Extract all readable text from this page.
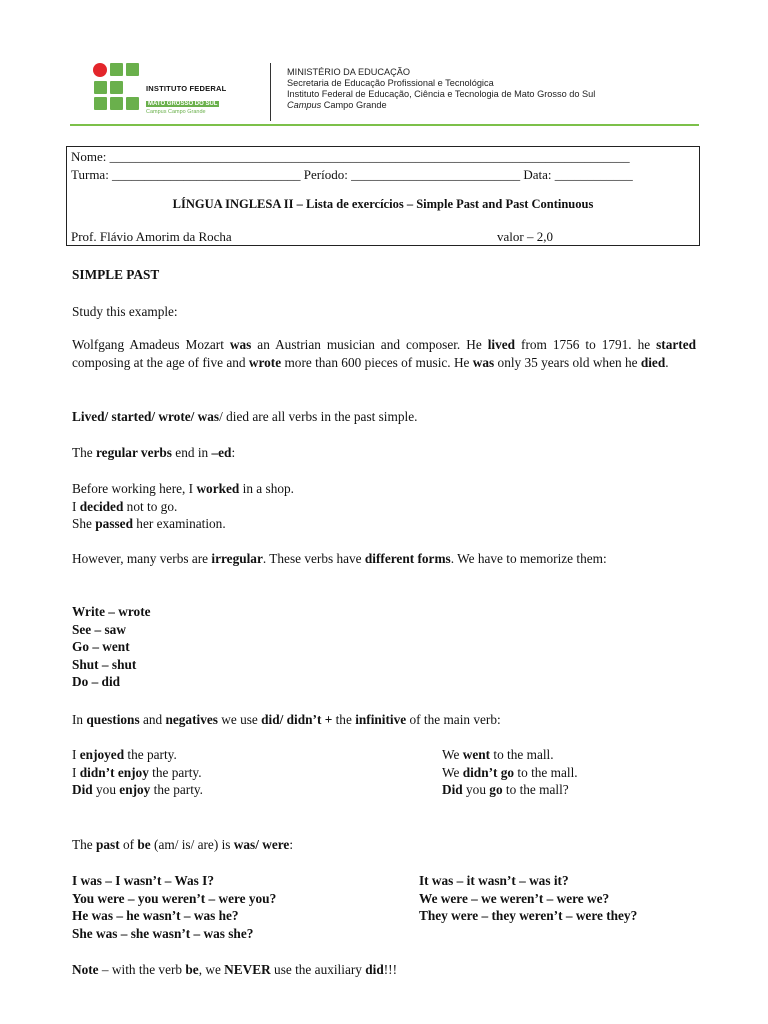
INSTITUTO FEDERAL
MATO GROSSO DO SUL
Campus Campo Grande
MINISTÉRIO DA EDUCAÇÃO
Secretaria de Educação Profissional e Tecnológica
Instituto Federal de Educação, Ciência e Tecnologia de Mato Grosso do Sul
Campus Campo Grande
Nome: ________________________________________________________________________________
Turma: _____________________________ Período: __________________________ Data: ____________
LÍNGUA INGLESA II – Lista de exercícios – Simple Past and Past Continuous
Prof. Flávio Amorim da Rocha	valor – 2,0
SIMPLE PAST
Study this example:
Wolfgang Amadeus Mozart was an Austrian musician and composer. He lived from 1756 to 1791. he started composing at the age of five and wrote more than 600 pieces of music. He was only 35 years old when he died.
Lived/ started/ wrote/ was/ died are all verbs in the past simple.
The regular verbs end in –ed:
Before working here, I worked in a shop.
I decided not to go.
She passed her examination.
However, many verbs are irregular. These verbs have different forms. We have to memorize them:
Write – wrote
See – saw
Go – went
Shut – shut
Do – did
In questions and negatives we use did/ didn’t + the infinitive of the main verb:
I enjoyed the party.
I didn’t enjoy the party.
Did you enjoy the party.
We went to the mall.
We didn’t go to the mall.
Did you go to the mall?
The past of be (am/ is/ are) is was/ were:
I was – I wasn’t – Was I?
You were – you weren’t – were you?
He was – he wasn’t – was he?
She was – she wasn’t – was she?
It was – it wasn’t – was it?
We were – we weren’t – were we?
They were – they weren’t – were they?
Note – with the verb be, we NEVER use the auxiliary did!!!
